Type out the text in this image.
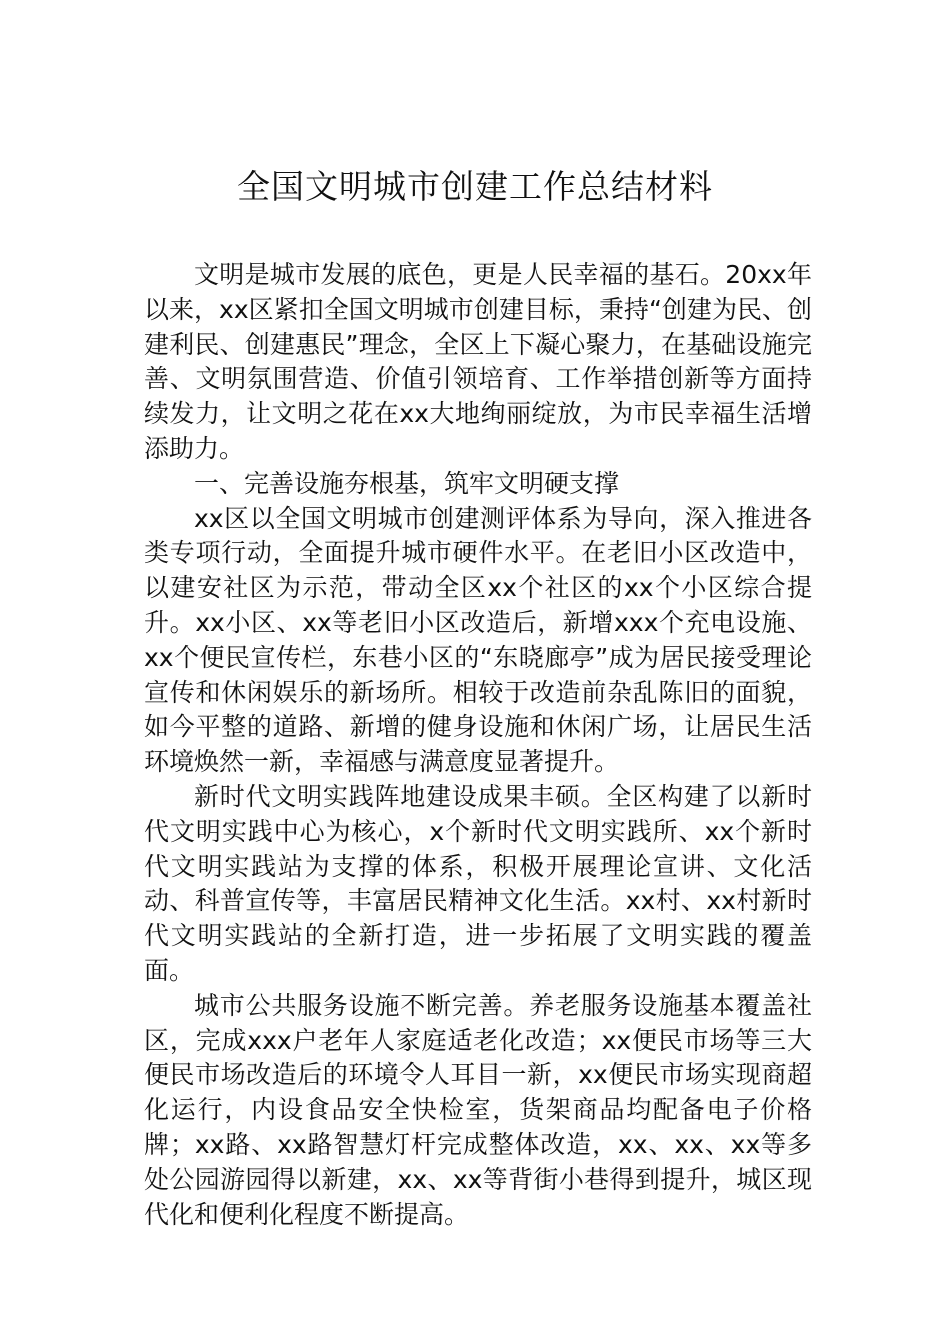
全国文明城市创建工作总结材料

文明是城市发展的底色，更是人民幸福的基石。20xx年以来，xx区紧扣全国文明城市创建目标，秉持“创建为民、创建利民、创建惠民”理念，全区上下凝心聚力，在基础设施完善、文明氛围营造、价值引领培育、工作举措创新等方面持续发力，让文明之花在xx大地绚丽绽放，为市民幸福生活增添助力。

一、完善设施夯根基，筑牢文明硬支撑

xx区以全国文明城市创建测评体系为导向，深入推进各类专项行动，全面提升城市硬件水平。在老旧小区改造中，以建安社区为示范，带动全区xx个社区的xx个小区综合提升。xx小区、xx等老旧小区改造后，新增xxx个充电设施、xx个便民宣传栏，东巷小区的“东晓廊亭”成为居民接受理论宣传和休闲娱乐的新场所。相较于改造前杂乱陈旧的面貌，如今平整的道路、新增的健身设施和休闲广场，让居民生活环境焕然一新，幸福感与满意度显著提升。

新时代文明实践阵地建设成果丰硕。全区构建了以新时代文明实践中心为核心，x个新时代文明实践所、xx个新时代文明实践站为支撑的体系，积极开展理论宣讲、文化活动、科普宣传等，丰富居民精神文化生活。xx村、xx村新时代文明实践站的全新打造，进一步拓展了文明实践的覆盖面。

城市公共服务设施不断完善。养老服务设施基本覆盖社区，完成xxx户老年人家庭适老化改造；xx便民市场等三大便民市场改造后的环境令人耳目一新，xx便民市场实现商超化运行，内设食品安全快检室，货架商品均配备电子价格牌；xx路、xx路智慧灯杆完成整体改造，xx、xx、xx等多处公园游园得以新建，xx、xx等背街小巷得到提升，城区现代化和便利化程度不断提高。
